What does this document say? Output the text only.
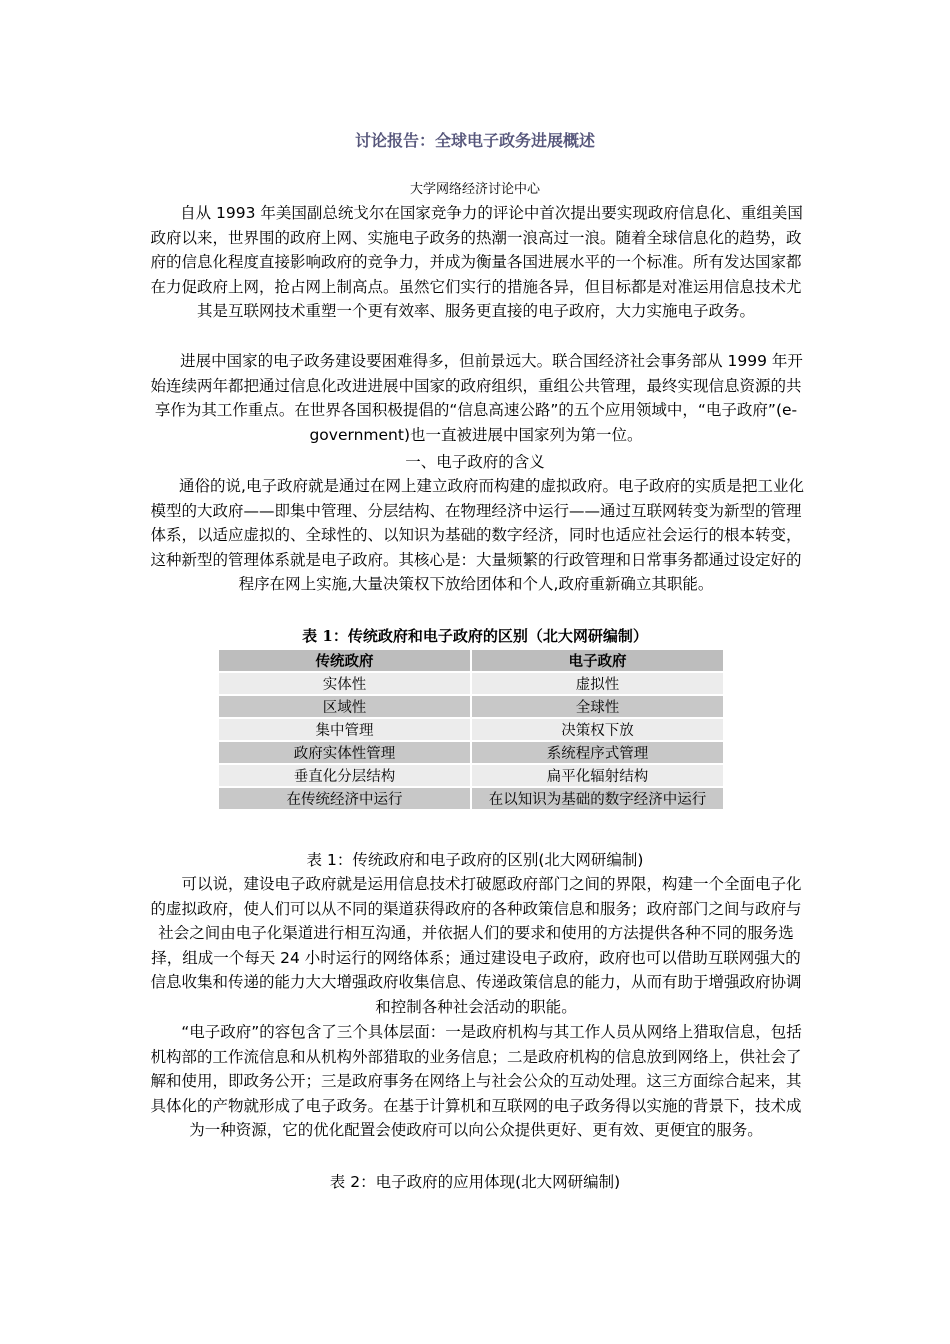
讨论报告：全球电子政务进展概述
大学网络经济讨论中心

　　自从 1993 年美国副总统戈尔在国家竞争力的评论中首次提出要实现政府信息化、重组美国政府以来，世界围的政府上网、实施电子政务的热潮一浪高过一浪。随着全球信息化的趋势，政府的信息化程度直接影响政府的竞争力，并成为衡量各国进展水平的一个标准。所有发达国家都在力促政府上网，抢占网上制高点。虽然它们实行的措施各异，但目标都是对准运用信息技术尤其是互联网技术重塑一个更有效率、服务更直接的电子政府，大力实施电子政务。

　　进展中国家的电子政务建设要困难得多，但前景远大。联合国经济社会事务部从 1999 年开始连续两年都把通过信息化改进进展中国家的政府组织，重组公共管理，最终实现信息资源的共享作为其工作重点。在世界各国积极提倡的“信息高速公路”的五个应用领域中，“电子政府”(e-government)也一直被进展中国家列为第一位。

一、电子政府的含义

　　通俗的说,电子政府就是通过在网上建立政府而构建的虚拟政府。电子政府的实质是把工业化模型的大政府——即集中管理、分层结构、在物理经济中运行——通过互联网转变为新型的管理体系，以适应虚拟的、全球性的、以知识为基础的数字经济，同时也适应社会运行的根本转变，这种新型的管理体系就是电子政府。其核心是：大量频繁的行政管理和日常事务都通过设定好的程序在网上实施,大量决策权下放给团体和个人,政府重新确立其职能。

表 1：传统政府和电子政府的区别（北大网研编制）
传统政府	电子政府
实体性	虚拟性
区域性	全球性
集中管理	决策权下放
政府实体性管理	系统程序式管理
垂直化分层结构	扁平化辐射结构
在传统经济中运行	在以知识为基础的数字经济中运行
表 1：传统政府和电子政府的区别(北大网研编制)

　　可以说，建设电子政府就是运用信息技术打破愿政府部门之间的界限，构建一个全面电子化的虚拟政府，使人们可以从不同的渠道获得政府的各种政策信息和服务；政府部门之间与政府与社会之间由电子化渠道进行相互沟通，并依据人们的要求和使用的方法提供各种不同的服务选择，组成一个每天 24 小时运行的网络体系；通过建设电子政府，政府也可以借助互联网强大的信息收集和传递的能力大大增强政府收集信息、传递政策信息的能力，从而有助于增强政府协调和控制各种社会活动的职能。

　　“电子政府”的容包含了三个具体层面：一是政府机构与其工作人员从网络上猎取信息，包括机构部的工作流信息和从机构外部猎取的业务信息；二是政府机构的信息放到网络上，供社会了解和使用，即政务公开；三是政府事务在网络上与社会公众的互动处理。这三方面综合起来，其具体化的产物就形成了电子政务。在基于计算机和互联网的电子政务得以实施的背景下，技术成为一种资源，它的优化配置会使政府可以向公众提供更好、更有效、更便宜的服务。

表 2：电子政府的应用体现(北大网研编制)
